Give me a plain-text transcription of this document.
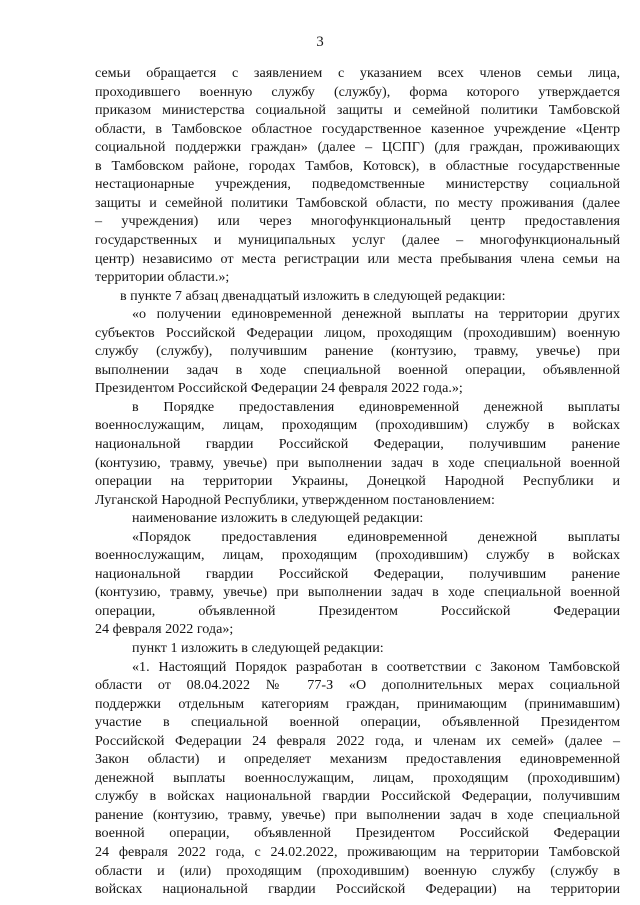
3
семьи обращается с заявлением с указанием всех членов семьи лица,
проходившего военную службу (службу), форма которого утверждается
приказом министерства социальной защиты и семейной политики Тамбовской
области, в Тамбовское областное государственное казенное учреждение «Центр
социальной поддержки граждан» (далее – ЦСПГ) (для граждан, проживающих
в Тамбовском районе, городах Тамбов, Котовск), в областные государственные
нестационарные учреждения, подведомственные министерству социальной
защиты и семейной политики Тамбовской области, по месту проживания (далее
– учреждения) или через многофункциональный центр предоставления
государственных и муниципальных услуг (далее – многофункциональный
центр) независимо от места регистрации или места пребывания члена семьи на
территории области.»;
в пункте 7 абзац двенадцатый изложить в следующей редакции:
«о получении единовременной денежной выплаты на территории других
субъектов Российской Федерации лицом, проходящим (проходившим) военную
службу (службу), получившим ранение (контузию, травму, увечье) при
выполнении задач в ходе специальной военной операции, объявленной
Президентом Российской Федерации 24 февраля 2022 года.»;
в Порядке предоставления единовременной денежной выплаты
военнослужащим, лицам, проходящим (проходившим) службу в войсках
национальной гвардии Российской Федерации, получившим ранение
(контузию, травму, увечье) при выполнении задач в ходе специальной военной
операции на территории Украины, Донецкой Народной Республики и
Луганской Народной Республики, утвержденном постановлением:
наименование изложить в следующей редакции:
«Порядок предоставления единовременной денежной выплаты
военнослужащим, лицам, проходящим (проходившим) службу в войсках
национальной гвардии Российской Федерации, получившим ранение
(контузию, травму, увечье) при выполнении задач в ходе специальной военной
операции, объявленной Президентом Российской Федерации
24 февраля 2022 года»;
пункт 1 изложить в следующей редакции:
«1. Настоящий Порядок разработан в соответствии с Законом Тамбовской
области от 08.04.2022 № 77-З «О дополнительных мерах социальной
поддержки отдельным категориям граждан, принимающим (принимавшим)
участие в специальной военной операции, объявленной Президентом
Российской Федерации 24 февраля 2022 года, и членам их семей» (далее –
Закон области) и определяет механизм предоставления единовременной
денежной выплаты военнослужащим, лицам, проходящим (проходившим)
службу в войсках национальной гвардии Российской Федерации, получившим
ранение (контузию, травму, увечье) при выполнении задач в ходе специальной
военной операции, объявленной Президентом Российской Федерации
24 февраля 2022 года, с 24.02.2022, проживающим на территории Тамбовской
области и (или) проходящим (проходившим) военную службу (службу в
войсках национальной гвардии Российской Федерации) на территории
